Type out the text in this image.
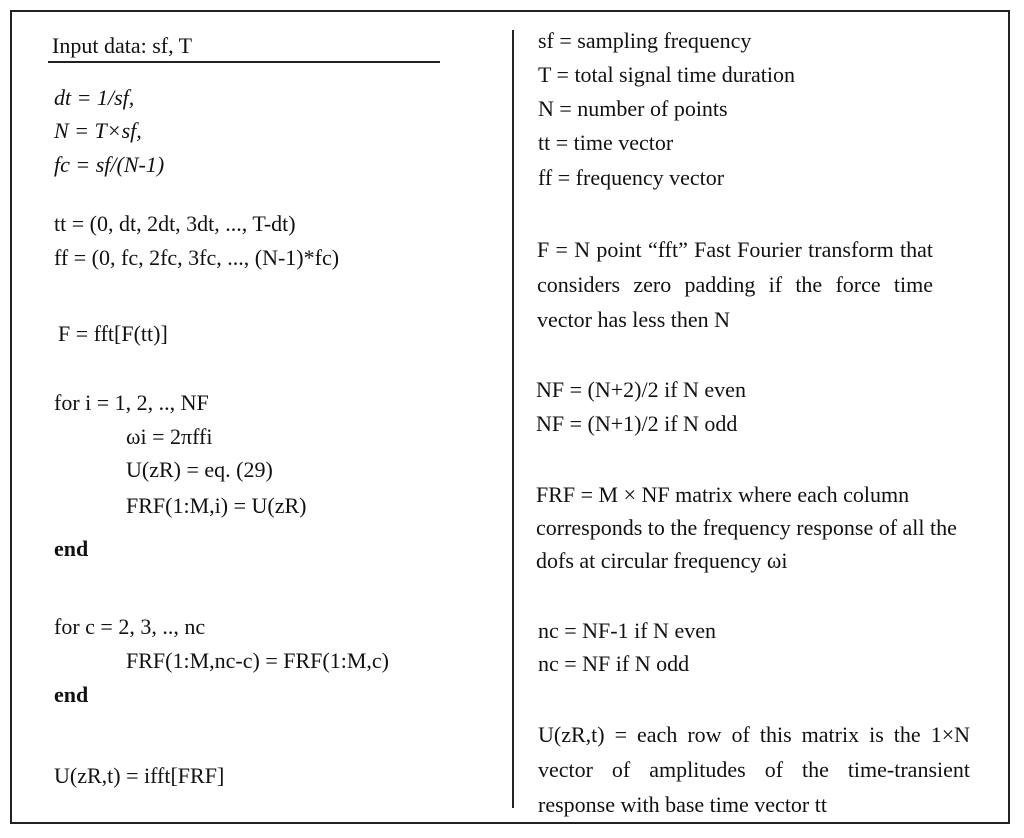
Input data: sf, T
dt = 1/sf,
N = T×sf,
fc = sf/(N-1)
tt = (0, dt, 2dt, 3dt, ..., T-dt)
ff = (0, fc, 2fc, 3fc, ..., (N-1)*fc)
F = fft[F(tt)]
for i = 1, 2, .., NF
ωi = 2πffi
U(zR) = eq. (29)
FRF(1:M,i) = U(zR)
end
for c = 2, 3, .., nc
FRF(1:M,nc-c) = FRF(1:M,c)
end
U(zR,t) = ifft[FRF]
sf = sampling frequency
T = total signal time duration
N = number of points
tt = time vector
ff = frequency vector
F = N point “fft” Fast Fourier transform that considers zero padding if the force time vector has less then N
NF = (N+2)/2 if N even
NF = (N+1)/2 if N odd
FRF = M × NF matrix where each column corresponds to the frequency response of all the dofs at circular frequency ωi
nc = NF-1 if N even
nc = NF if N odd
U(zR,t) = each row of this matrix is the 1×N vector of amplitudes of the time-transient response with base time vector tt
